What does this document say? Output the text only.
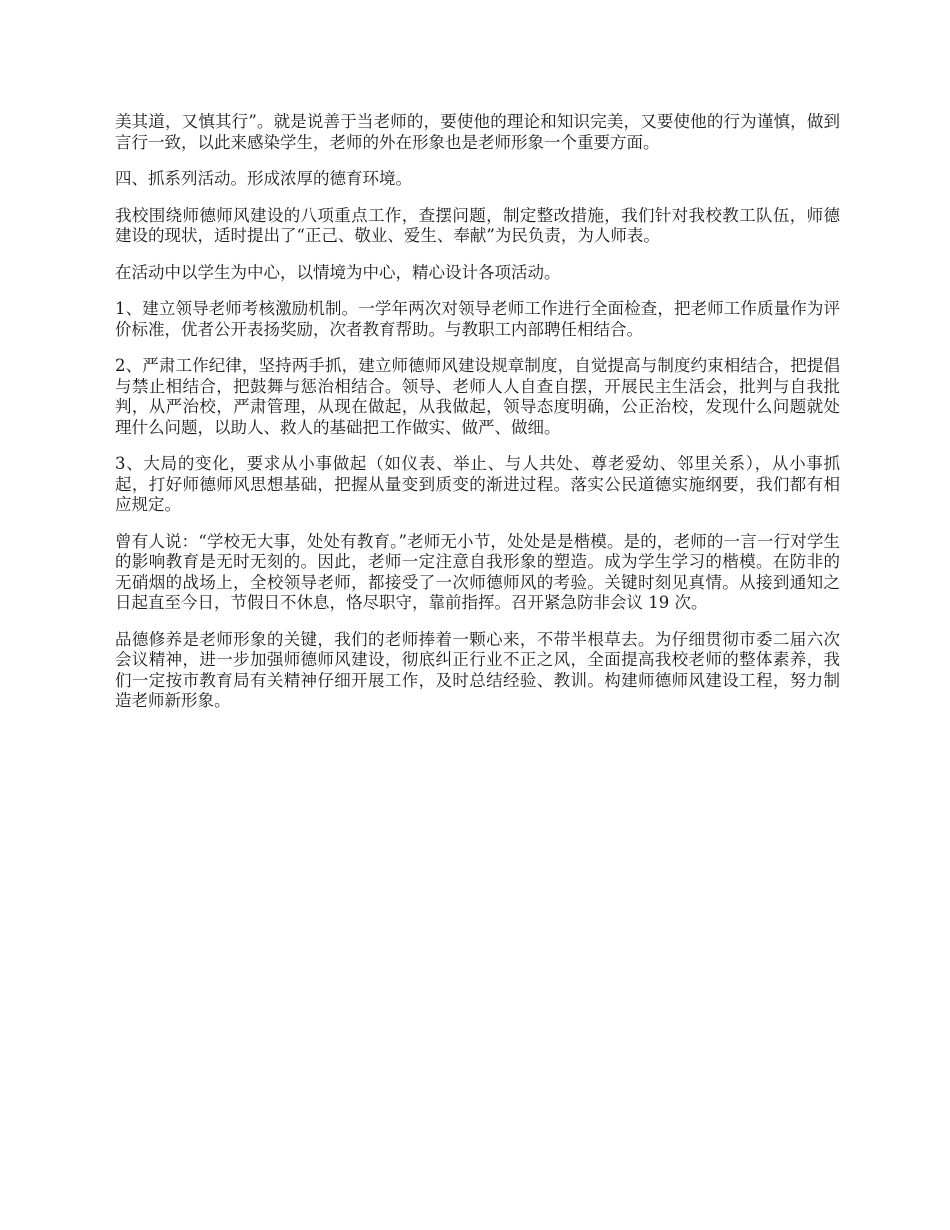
美其道，又慎其行”。就是说善于当老师的，要使他的理论和知识完美，又要使他的行为谨慎，做到言行一致，以此来感染学生，老师的外在形象也是老师形象一个重要方面。

四、抓系列活动。形成浓厚的德育环境。

我校围绕师德师风建设的八项重点工作，查摆问题，制定整改措施，我们针对我校教工队伍，师德建设的现状，适时提出了“正己、敬业、爱生、奉献”为民负责，为人师表。

在活动中以学生为中心，以情境为中心，精心设计各项活动。

1、建立领导老师考核激励机制。一学年两次对领导老师工作进行全面检查，把老师工作质量作为评价标准，优者公开表扬奖励，次者教育帮助。与教职工内部聘任相结合。

2、严肃工作纪律，坚持两手抓，建立师德师风建设规章制度，自觉提高与制度约束相结合，把提倡与禁止相结合，把鼓舞与惩治相结合。领导、老师人人自查自摆，开展民主生活会，批判与自我批判，从严治校，严肃管理，从现在做起，从我做起，领导态度明确，公正治校，发现什么问题就处理什么问题，以助人、救人的基础把工作做实、做严、做细。

3、大局的变化，要求从小事做起（如仪表、举止、与人共处、尊老爱幼、邻里关系），从小事抓起，打好师德师风思想基础，把握从量变到质变的渐进过程。落实公民道德实施纲要，我们都有相应规定。

曾有人说：“学校无大事，处处有教育。”老师无小节，处处是是楷模。是的，老师的一言一行对学生的影响教育是无时无刻的。因此，老师一定注意自我形象的塑造。成为学生学习的楷模。在防非的无硝烟的战场上，全校领导老师，都接受了一次师德师风的考验。关键时刻见真情。从接到通知之日起直至今日，节假日不休息，恪尽职守，靠前指挥。召开紧急防非会议 19 次。

品德修养是老师形象的关键，我们的老师捧着一颗心来，不带半根草去。为仔细贯彻市委二届六次会议精神，进一步加强师德师风建设，彻底纠正行业不正之风，全面提高我校老师的整体素养，我们一定按市教育局有关精神仔细开展工作，及时总结经验、教训。构建师德师风建设工程，努力制造老师新形象。
